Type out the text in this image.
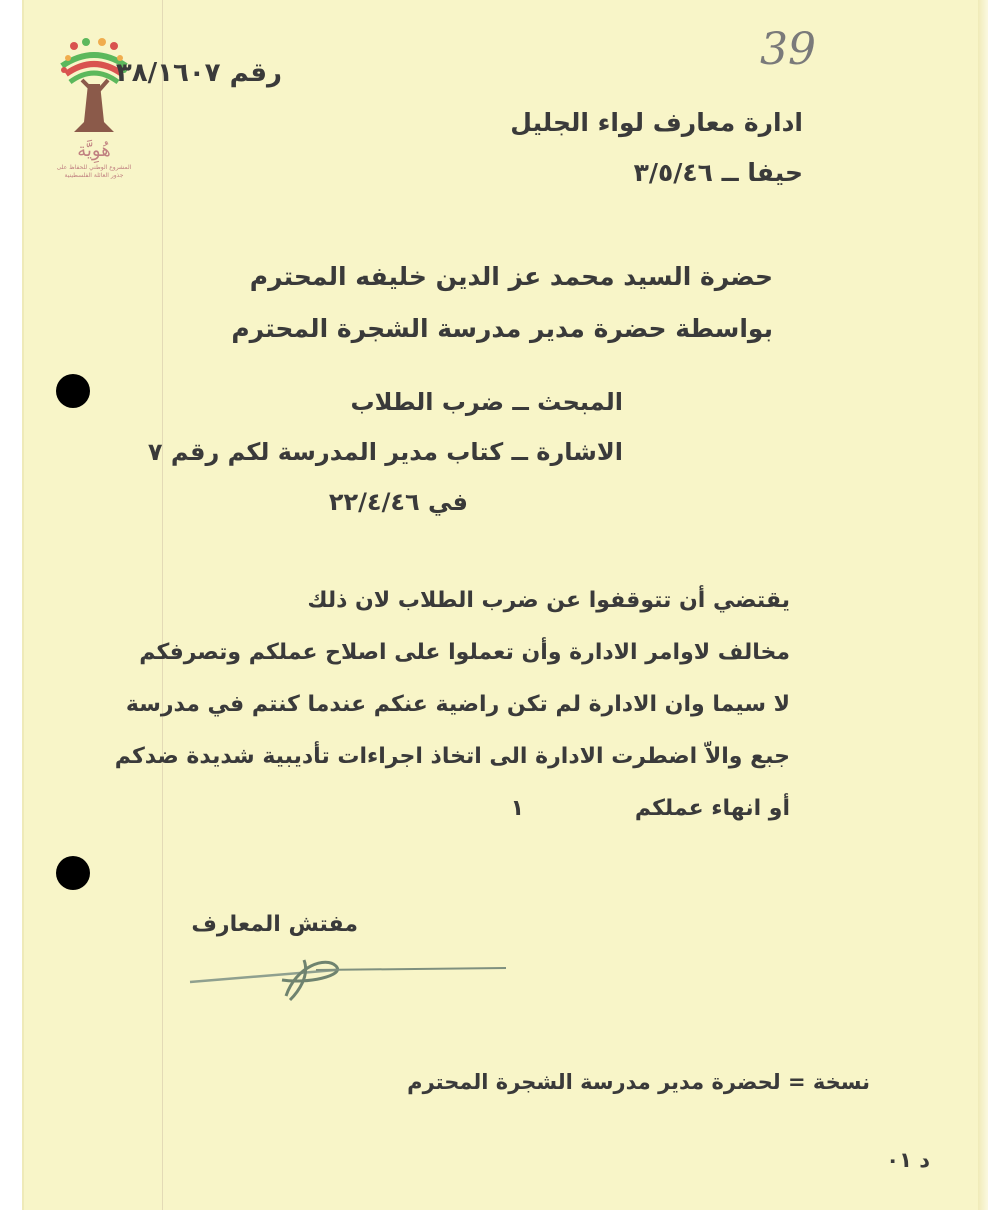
هُوِيَّة
المشروع الوطني للحفاظ على
جذور العائلة الفلسطينية
رقم ٣٨/١٦٠٧	39
ادارة معارف لواء الجليل
حيفا ــ ٣/٥/٤٦
حضرة السيد محمد عز الدين خليفه المحترم
بواسطة حضرة مدير مدرسة الشجرة المحترم
المبحث ــ ضرب الطلاب
الاشارة ــ كتاب مدير المدرسة لكم رقم ٧
في ٢٢/٤/٤٦
يقتضي أن تتوقفوا عن ضرب الطلاب لان ذلك
مخالف لاوامر الادارة وأن تعملوا على اصلاح عملكم وتصرفكم
لا سيما وان الادارة لم تكن راضية عنكم عندما كنتم في مدرسة
جبع والاّ اضطرت الادارة الى اتخاذ اجراءات تأديبية شديدة ضدكم
أو انهاء عملكم
١
مفتش المعارف
نسخة = لحضرة مدير مدرسة الشجرة المحترم
د ٠١
